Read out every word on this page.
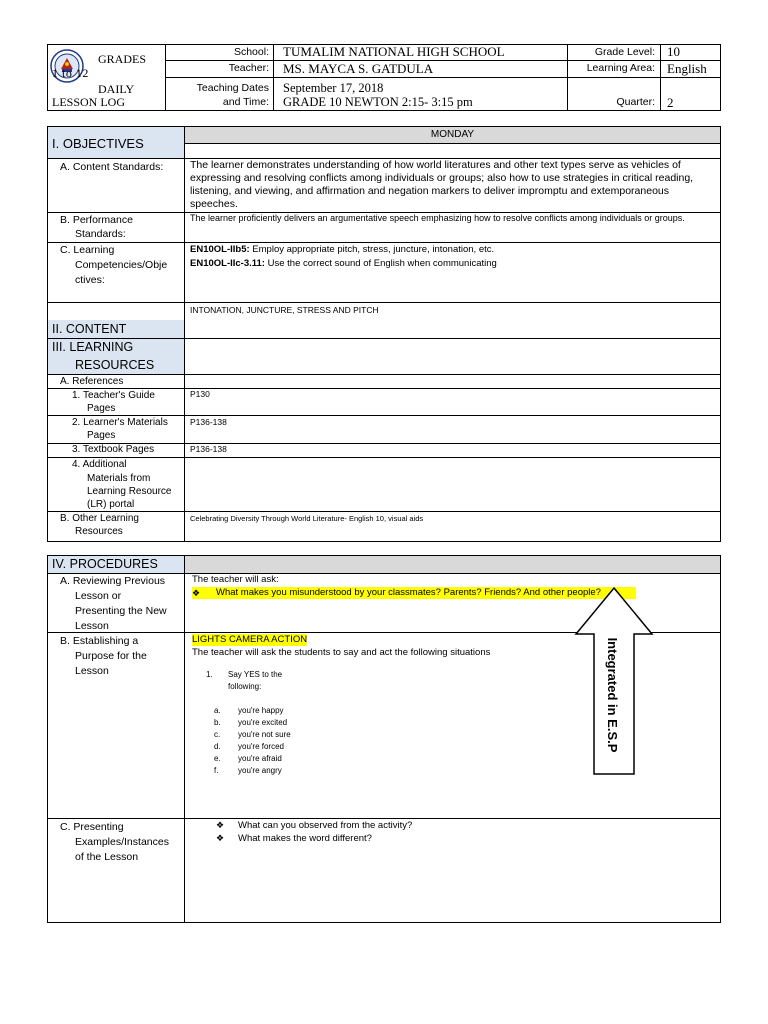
GRADES
1 to 12
DAILY
LESSON LOG
School:
Teacher:
Teaching Dates
and Time:
TUMALIM NATIONAL HIGH SCHOOL
MS. MAYCA S. GATDULA
September 17, 2018
GRADE 10 NEWTON 2:15- 3:15 pm
Grade Level:
Learning Area:
Quarter:
10
English
2
I. OBJECTIVES
MONDAY
A. Content Standards:	The learner demonstrates understanding of how world literatures and other text types serve as vehicles of expressing and resolving conflicts among individuals or groups; also how to use strategies in critical reading, listening, and viewing, and affirmation and negation markers to deliver impromptu and extemporaneous speeches.
B. Performance
Standards:
The learner proficiently delivers an argumentative speech emphasizing how to resolve conflicts among individuals or groups.
C. Learning
Competencies/Obje
ctives:
EN10OL-IIb5: Employ appropriate pitch, stress, juncture, intonation, etc.
EN10OL-IIc-3.11: Use the correct sound of English when communicating
INTONATION, JUNCTURE, STRESS AND PITCH
II. CONTENT
III. LEARNING
RESOURCES
A. References
1. Teacher's Guide
Pages
P130
2. Learner's Materials
Pages
P136-138
3. Textbook Pages	P136-138
4. Additional
Materials from
Learning Resource
(LR) portal
B. Other Learning
Resources
Celebrating Diversity Through World Literature- English 10, visual aids
IV. PROCEDURES
A. Reviewing Previous
Lesson or
Presenting the New
Lesson
The teacher will ask:
❖ What makes you misunderstood by your classmates? Parents? Friends? And other people?
B. Establishing a
Purpose for the
Lesson
LIGHTS CAMERA ACTION
The teacher will ask the students to say and act the following situations
1. Say YES to the
following:
a. you're happy
b. you're excited
c. you're not sure
d. you're forced
e. you're afraid
f. you're angry
Integrated in E.S.P
C. Presenting
Examples/Instances
of the Lesson
❖ What can you observed from the activity?
❖ What makes the word different?
